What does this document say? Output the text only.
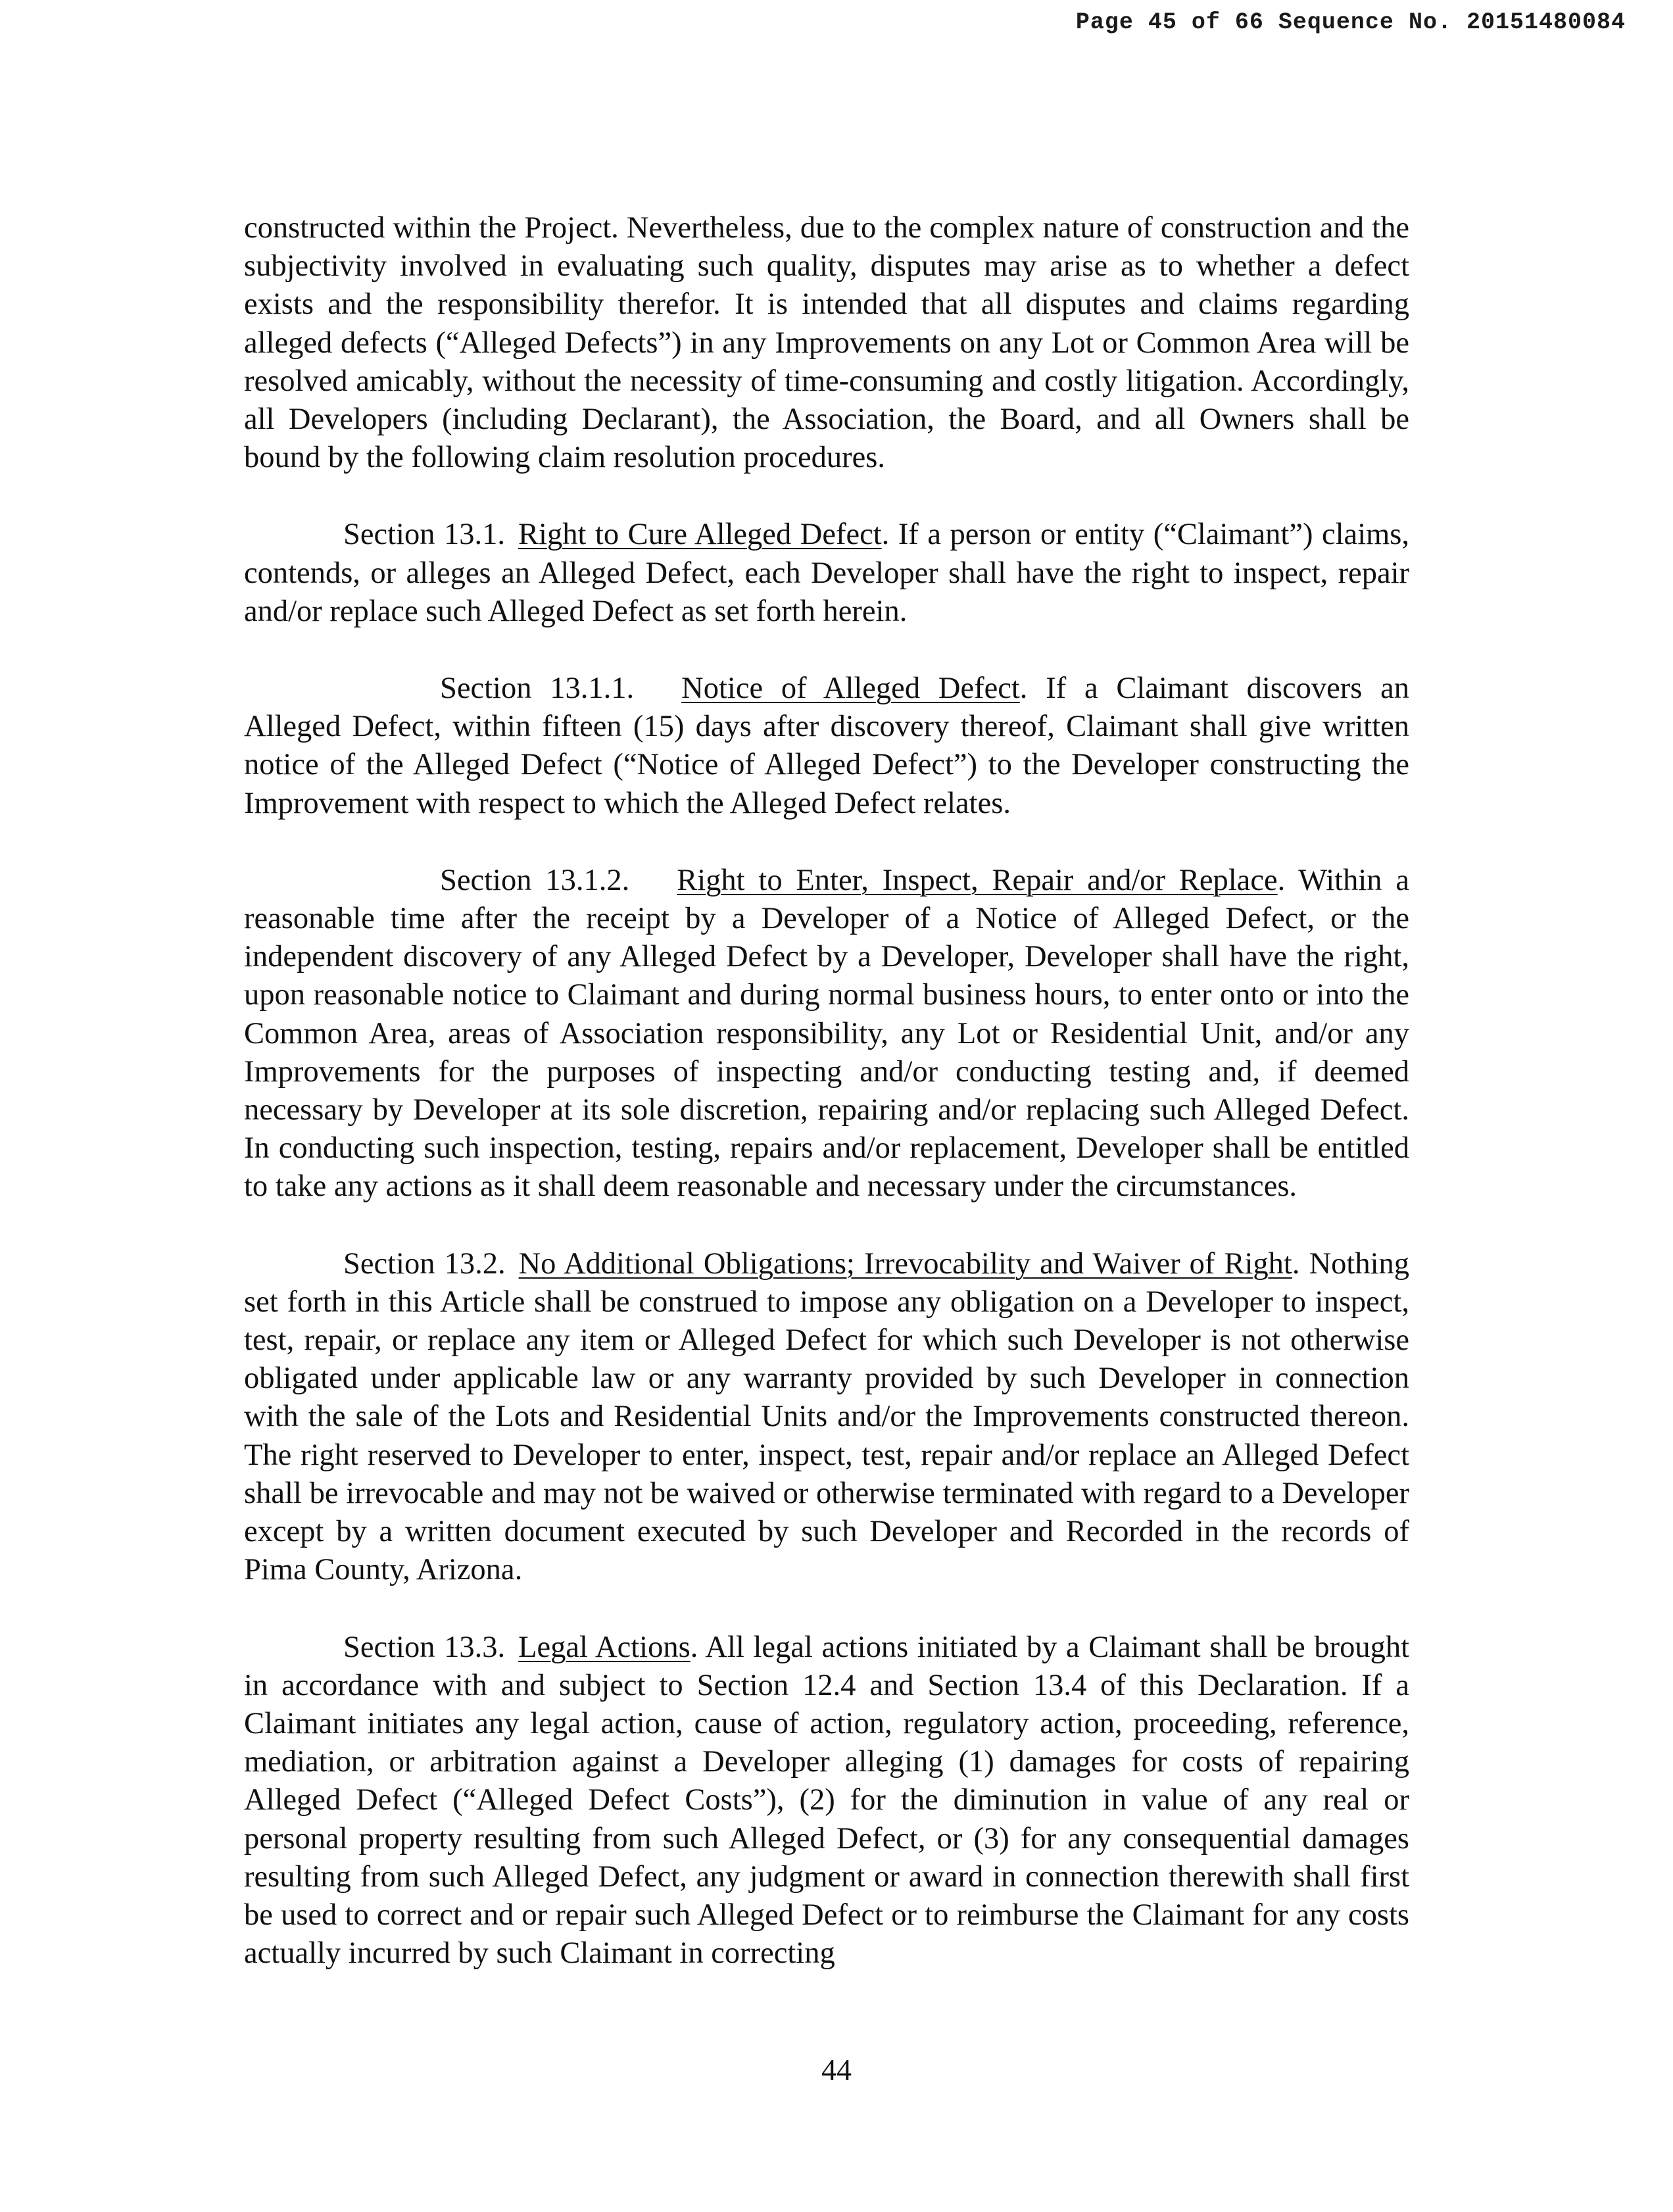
Page 45 of 66 Sequence No. 20151480084

constructed within the Project. Nevertheless, due to the complex nature of construction and the subjectivity involved in evaluating such quality, disputes may arise as to whether a defect exists and the responsibility therefor. It is intended that all disputes and claims regarding alleged defects (“Alleged Defects”) in any Improvements on any Lot or Common Area will be resolved amicably, without the necessity of time-consuming and costly litigation. Accordingly, all Developers (including Declarant), the Association, the Board, and all Owners shall be bound by the following claim resolution procedures.

Section 13.1. Right to Cure Alleged Defect. If a person or entity (“Claimant”) claims, contends, or alleges an Alleged Defect, each Developer shall have the right to inspect, repair and/or replace such Alleged Defect as set forth herein.

Section 13.1.1. Notice of Alleged Defect. If a Claimant discovers an Alleged Defect, within fifteen (15) days after discovery thereof, Claimant shall give written notice of the Alleged Defect (“Notice of Alleged Defect”) to the Developer constructing the Improvement with respect to which the Alleged Defect relates.

Section 13.1.2. Right to Enter, Inspect, Repair and/or Replace. Within a reasonable time after the receipt by a Developer of a Notice of Alleged Defect, or the independent discovery of any Alleged Defect by a Developer, Developer shall have the right, upon reasonable notice to Claimant and during normal business hours, to enter onto or into the Common Area, areas of Association responsibility, any Lot or Residential Unit, and/or any Improvements for the purposes of inspecting and/or conducting testing and, if deemed necessary by Developer at its sole discretion, repairing and/or replacing such Alleged Defect. In conducting such inspection, testing, repairs and/or replacement, Developer shall be entitled to take any actions as it shall deem reasonable and necessary under the circumstances.

Section 13.2. No Additional Obligations; Irrevocability and Waiver of Right. Nothing set forth in this Article shall be construed to impose any obligation on a Developer to inspect, test, repair, or replace any item or Alleged Defect for which such Developer is not otherwise obligated under applicable law or any warranty provided by such Developer in connection with the sale of the Lots and Residential Units and/or the Improvements constructed thereon. The right reserved to Developer to enter, inspect, test, repair and/or replace an Alleged Defect shall be irrevocable and may not be waived or otherwise terminated with regard to a Developer except by a written document executed by such Developer and Recorded in the records of Pima County, Arizona.

Section 13.3. Legal Actions. All legal actions initiated by a Claimant shall be brought in accordance with and subject to Section 12.4 and Section 13.4 of this Declaration. If a Claimant initiates any legal action, cause of action, regulatory action, proceeding, reference, mediation, or arbitration against a Developer alleging (1) damages for costs of repairing Alleged Defect (“Alleged Defect Costs”), (2) for the diminution in value of any real or personal property resulting from such Alleged Defect, or (3) for any consequential damages resulting from such Alleged Defect, any judgment or award in connection therewith shall first be used to correct and or repair such Alleged Defect or to reimburse the Claimant for any costs actually incurred by such Claimant in correcting

44
